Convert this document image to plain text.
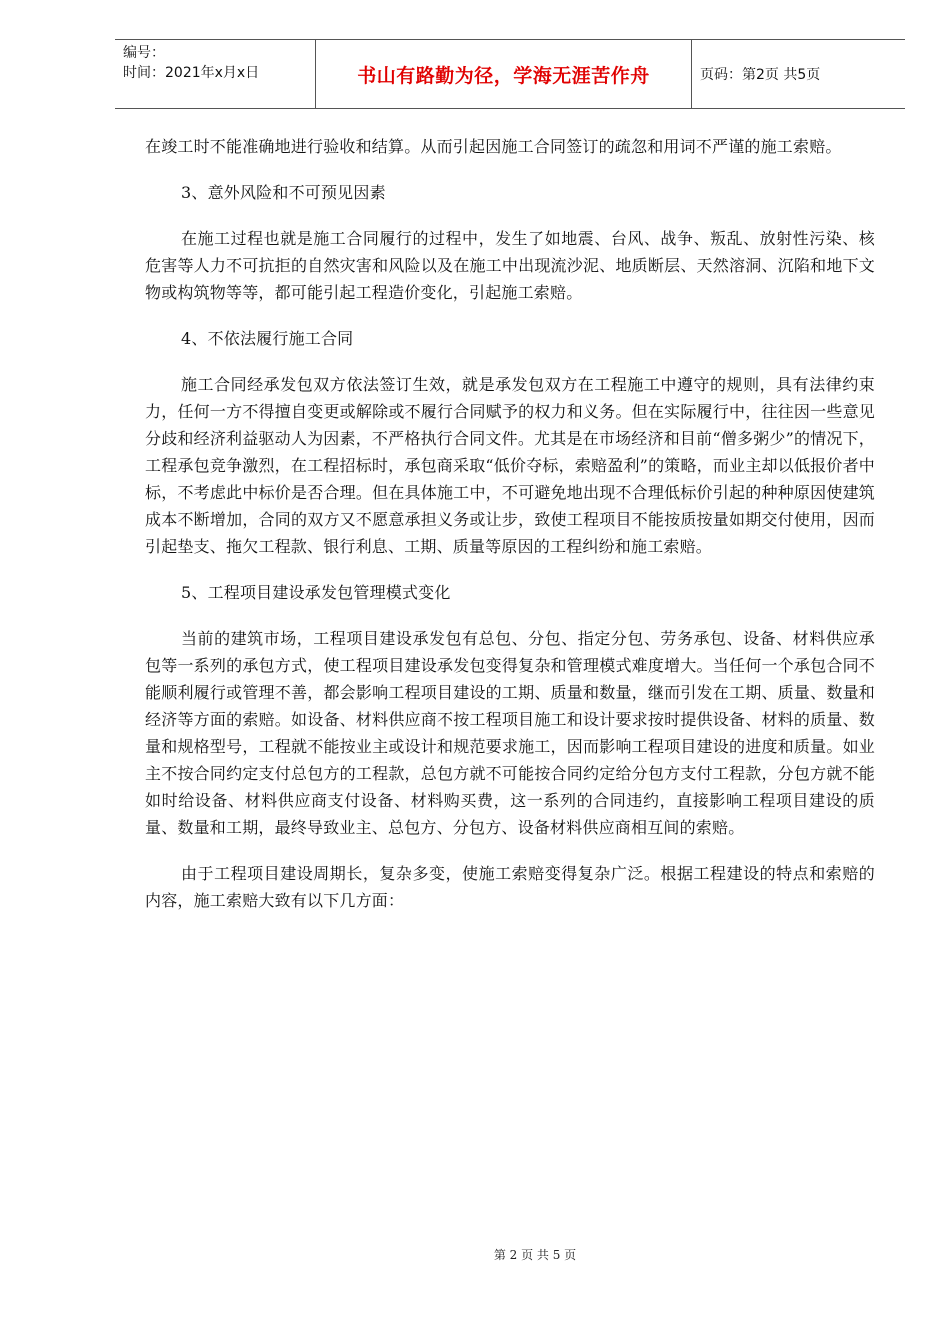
编号：
时间：2021年x月x日	书山有路勤为径，学海无涯苦作舟	页码：第2页 共5页

在竣工时不能准确地进行验收和结算。从而引起因施工合同签订的疏忽和用词不严谨的施工索赔。

3、意外风险和不可预见因素

在施工过程也就是施工合同履行的过程中，发生了如地震、台风、战争、叛乱、放射性污染、核危害等人力不可抗拒的自然灾害和风险以及在施工中出现流沙泥、地质断层、天然溶洞、沉陷和地下文物或构筑物等等，都可能引起工程造价变化，引起施工索赔。

4、不依法履行施工合同

施工合同经承发包双方依法签订生效，就是承发包双方在工程施工中遵守的规则，具有法律约束力，任何一方不得擅自变更或解除或不履行合同赋予的权力和义务。但在实际履行中，往往因一些意见分歧和经济利益驱动人为因素，不严格执行合同文件。尤其是在市场经济和目前“僧多粥少”的情况下，工程承包竞争激烈，在工程招标时，承包商采取“低价夺标，索赔盈利”的策略，而业主却以低报价者中标，不考虑此中标价是否合理。但在具体施工中，不可避免地出现不合理低标价引起的种种原因使建筑成本不断增加，合同的双方又不愿意承担义务或让步，致使工程项目不能按质按量如期交付使用，因而引起垫支、拖欠工程款、银行利息、工期、质量等原因的工程纠纷和施工索赔。

5、工程项目建设承发包管理模式变化

当前的建筑市场，工程项目建设承发包有总包、分包、指定分包、劳务承包、设备、材料供应承包等一系列的承包方式，使工程项目建设承发包变得复杂和管理模式难度增大。当任何一个承包合同不能顺利履行或管理不善，都会影响工程项目建设的工期、质量和数量，继而引发在工期、质量、数量和经济等方面的索赔。如设备、材料供应商不按工程项目施工和设计要求按时提供设备、材料的质量、数量和规格型号，工程就不能按业主或设计和规范要求施工，因而影响工程项目建设的进度和质量。如业主不按合同约定支付总包方的工程款，总包方就不可能按合同约定给分包方支付工程款，分包方就不能如时给设备、材料供应商支付设备、材料购买费，这一系列的合同违约，直接影响工程项目建设的质量、数量和工期，最终导致业主、总包方、分包方、设备材料供应商相互间的索赔。

由于工程项目建设周期长，复杂多变，使施工索赔变得复杂广泛。根据工程建设的特点和索赔的内容，施工索赔大致有以下几方面：

第 2 页 共 5 页
